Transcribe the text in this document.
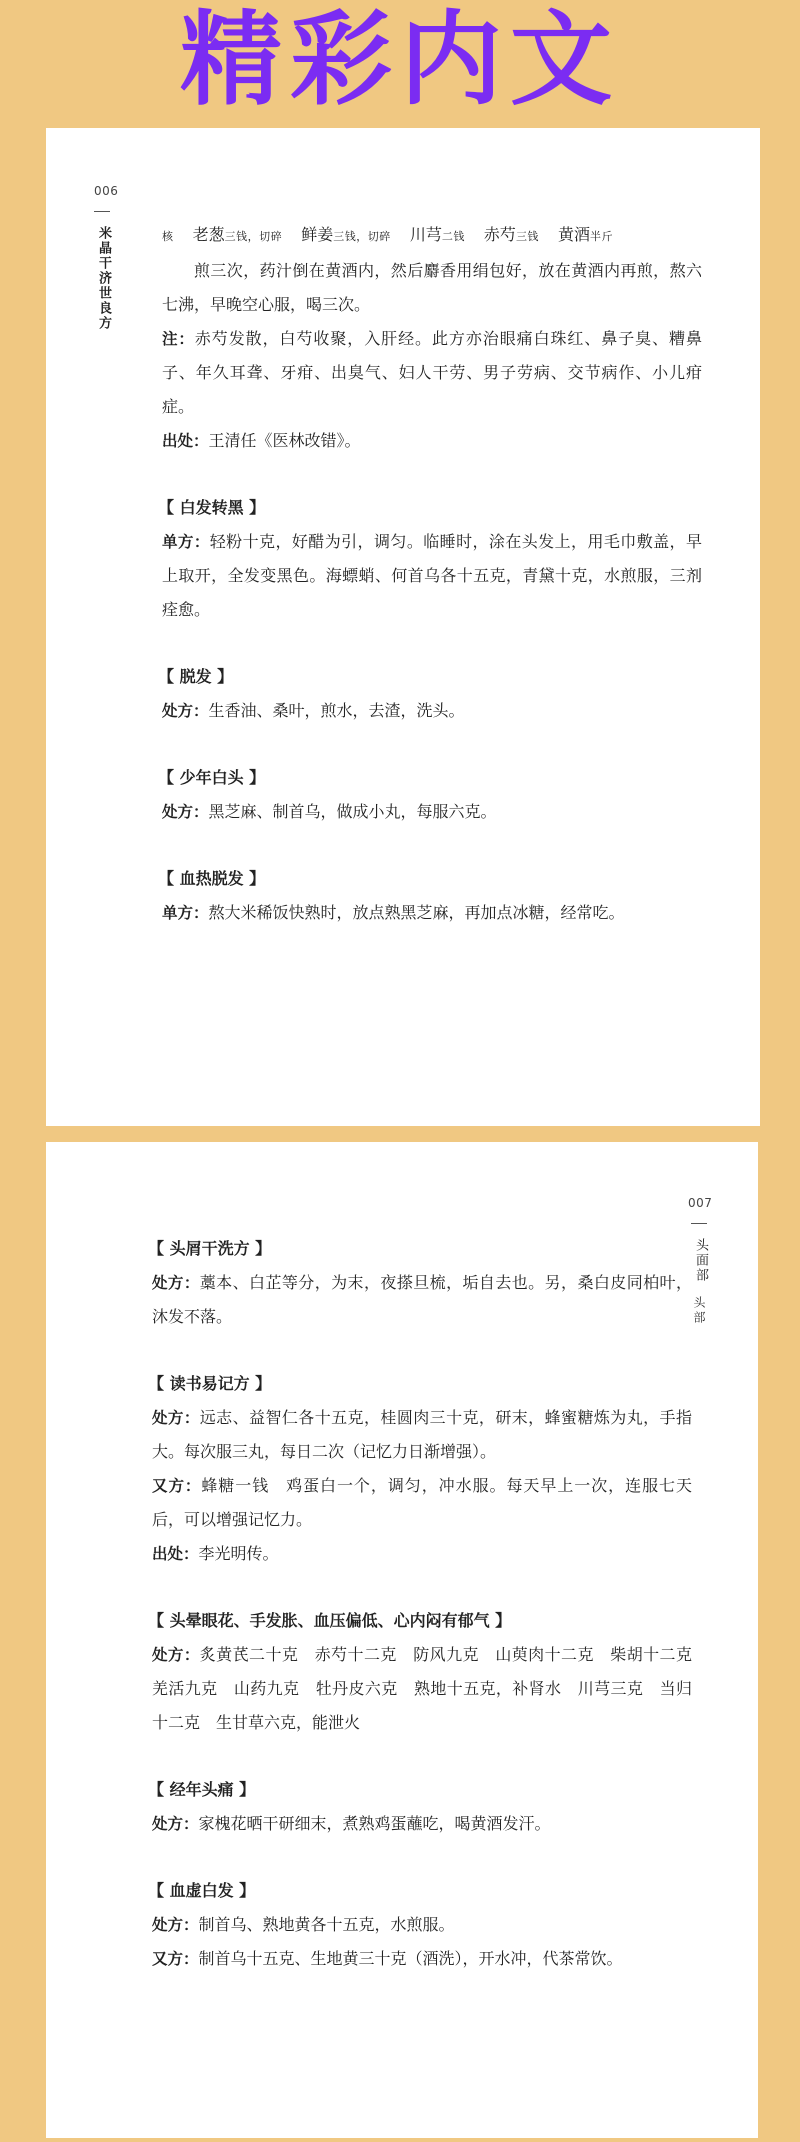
精彩内文
006
米晶干济世良方	核 老葱三钱，切碎 鲜姜三钱，切碎 川芎二钱 赤芍三钱 黄酒半斤

煎三次，药汁倒在黄酒内，然后麝香用绢包好，放在黄酒内再煎，熬六七沸，早晚空心服，喝三次。

注：赤芍发散，白芍收聚，入肝经。此方亦治眼痛白珠红、鼻子臭、糟鼻子、年久耳聋、牙疳、出臭气、妇人干劳、男子劳病、交节病作、小儿疳症。

出处：王清任《医林改错》。

【 白发转黑 】

单方：轻粉十克，好醋为引，调匀。临睡时，涂在头发上，用毛巾敷盖，早上取开，全发变黑色。海螵蛸、何首乌各十五克，青黛十克，水煎服，三剂痊愈。

【 脱发 】

处方：生香油、桑叶，煎水，去渣，洗头。

【 少年白头 】

处方：黑芝麻、制首乌，做成小丸，每服六克。

【 血热脱发 】

单方：熬大米稀饭快熟时，放点熟黑芝麻，再加点冰糖，经常吃。

007
头面部
头部
【 头屑干洗方 】

处方：藁本、白芷等分，为末，夜搽旦梳，垢自去也。另，桑白皮同柏叶，沐发不落。

【 读书易记方 】

处方：远志、益智仁各十五克，桂圆肉三十克，研末，蜂蜜糖炼为丸，手指大。每次服三丸，每日二次（记忆力日渐增强）。

又方：蜂糖一钱　鸡蛋白一个，调匀，冲水服。每天早上一次，连服七天后，可以增强记忆力。

出处：李光明传。

【 头晕眼花、手发胀、血压偏低、心内闷有郁气 】

处方：炙黄芪二十克　赤芍十二克　防风九克　山萸肉十二克　柴胡十二克　羌活九克　山药九克　牡丹皮六克　熟地十五克，补肾水　川芎三克　当归十二克　生甘草六克，能泄火

【 经年头痛 】

处方：家槐花晒干研细末，煮熟鸡蛋蘸吃，喝黄酒发汗。

【 血虚白发 】

处方：制首乌、熟地黄各十五克，水煎服。

又方：制首乌十五克、生地黄三十克（酒洗），开水冲，代茶常饮。
